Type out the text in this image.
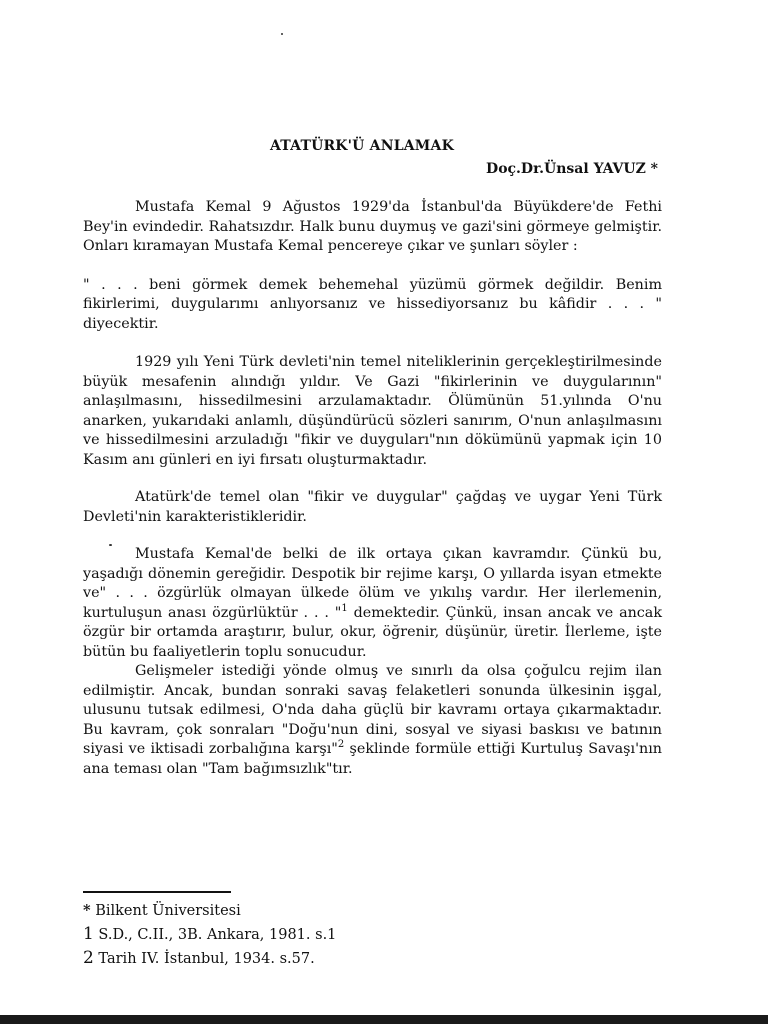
ATATÜRK'Ü ANLAMAK
Doç.Dr.Ünsal YAVUZ *

Mustafa Kemal 9 Ağustos 1929'da İstanbul'da Büyükdere'de Fethi Bey'in evindedir. Rahatsızdır. Halk bunu duymuş ve gazi'sini görmeye gelmiştir. Onları kıramayan Mustafa Kemal pencereye çıkar ve şunları söyler :

" . . . beni görmek demek behemehal yüzümü görmek değildir. Benim fikirlerimi, duygularımı anlıyorsanız ve hissediyorsanız bu kâfidir . . . " diyecektir.

1929 yılı Yeni Türk devleti'nin temel niteliklerinin gerçekleştirilmesinde büyük mesafenin alındığı yıldır. Ve Gazi "fikirlerinin ve duygularının" anlaşılmasını, hissedilmesini arzulamaktadır. Ölümünün 51.yılında O'nu anarken, yukarıdaki anlamlı, düşündürücü sözleri sanırım, O'nun anlaşılmasını ve hissedilmesini arzuladığı "fikir ve duyguları"nın dökümünü yapmak için 10 Kasım anı günleri en iyi fırsatı oluşturmaktadır.

Atatürk'de temel olan "fikir ve duygular" çağdaş ve uygar Yeni Türk Devleti'nin karakteristikleridir.

Mustafa Kemal'de belki de ilk ortaya çıkan kavramdır. Çünkü bu, yaşadığı dönemin gereğidir. Despotik bir rejime karşı, O yıllarda isyan etmekte ve" . . . özgürlük olmayan ülkede ölüm ve yıkılış vardır. Her ilerlemenin, kurtuluşun anası özgürlüktür . . . "$^1$ demektedir. Çünkü, insan ancak ve ancak özgür bir ortamda araştırır, bulur, okur, öğrenir, düşünür, üretir. İlerleme, işte bütün bu faaliyetlerin toplu sonucudur.

Gelişmeler istediği yönde olmuş ve sınırlı da olsa çoğulcu rejim ilan edilmiştir. Ancak, bundan sonraki savaş felaketleri sonunda ülkesinin işgal, ulusunu tutsak edilmesi, O'nda daha güçlü bir kavramı ortaya çıkarmaktadır. Bu kavram, çok sonraları "Doğu'nun dini, sosyal ve siyasi baskısı ve batının siyasi ve iktisadi zorbalığına karşı"$^2$ şeklinde formüle ettiği Kurtuluş Savaşı'nın ana teması olan "Tam bağımsızlık"tır.

* Bilkent Üniversitesi
1 S.D., C.II., 3B. Ankara, 1981. s.1
2 Tarih IV. İstanbul, 1934. s.57.
